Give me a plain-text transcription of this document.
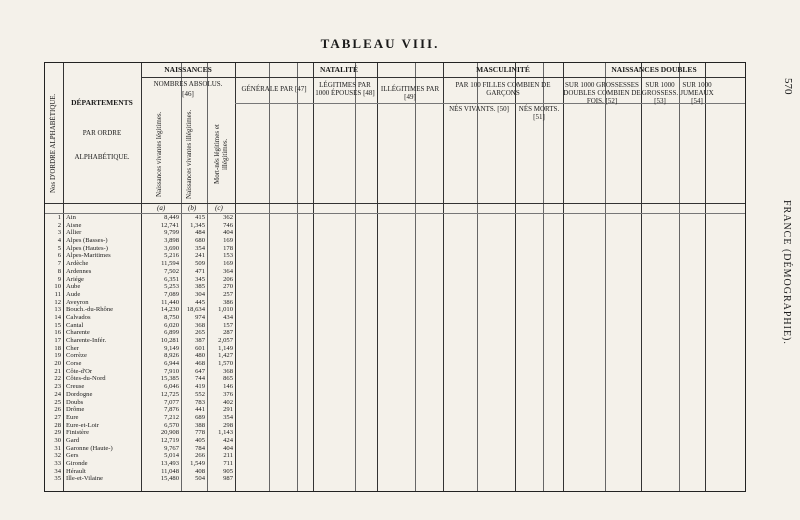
TABLEAU VIII.
570
FRANCE (DÉMOGRAPHIE).
Nos D'ORDRE ALPHABÉTIQUE.	DÉPARTEMENTS
PAR ORDRE
ALPHABÉTIQUE.
NAISSANCES
NOMBRES ABSOLUS.
[46]
Naissances vivantes légitimes.	Naissances vivantes illégitimes.	Mort-nés légitimes et illégitimes.
NATALITÉ
GÉNÉRALE PAR [47]	LÉGITIMES PAR 1000 ÉPOUSES [48] ILLÉGITIMES PAR [49]
MASCULINITÉ
PAR 100 FILLES COMBIEN DE GARÇONS
NÉS VIVANTS. [50]	NÉS MORTS. [51]
NAISSANCES DOUBLES
SUR 1000 GROSSESSES DOUBLES COMBIEN DE FOIS. [52]
SUR 1000 GROSSESS. [53]
SUR 1000 JUMEAUX [54]
(a)	(b)	(c)
1 Ain	8,449	415	362
2 Aisne	12,741	1,345	746
3 Allier	9,799	484	404
4 Alpes (Basses-)	3,898	680	169
5 Alpes (Hautes-)	3,690	354	178
6 Alpes-Maritimes	5,216	241	153
7 Ardèche	11,594	509	169
8 Ardennes	7,502	471	364
9 Ariége	6,351	345	206
10 Aube	5,253	385	270
11 Aude	7,089	304	257
12 Aveyron	11,440	445	386
13 Bouch.-du-Rhône	14,230	18,634	1,010
14 Calvados	8,750	974	434
15 Cantal	6,020	368	157
16 Charente	6,899	265	287
17 Charente-Infér.	10,281	387	2,057
18 Cher	9,149	601	1,149
19 Corrèze	8,926	480	1,427
20 Corse	6,944	468	1,570
21 Côte-d'Or	7,910	647	368
22 Côtes-du-Nord	15,385	744	865
23 Creuse	6,046	419	146
24 Dordogne	12,725	552	376
25 Doubs	7,077	783	402
26 Drôme	7,876	441	291
27 Eure	7,212	689	354
28 Eure-et-Loir	6,570	388	298
29 Finistère	20,908	778	1,143
30 Gard	12,719	405	424
31 Garonne (Haute-)	9,767	784	404
32 Gers	5,014	266	211
33 Gironde	13,493	1,549	711
34 Hérault	11,048	408	905
35 Ille-et-Vilaine	15,480	504	987
